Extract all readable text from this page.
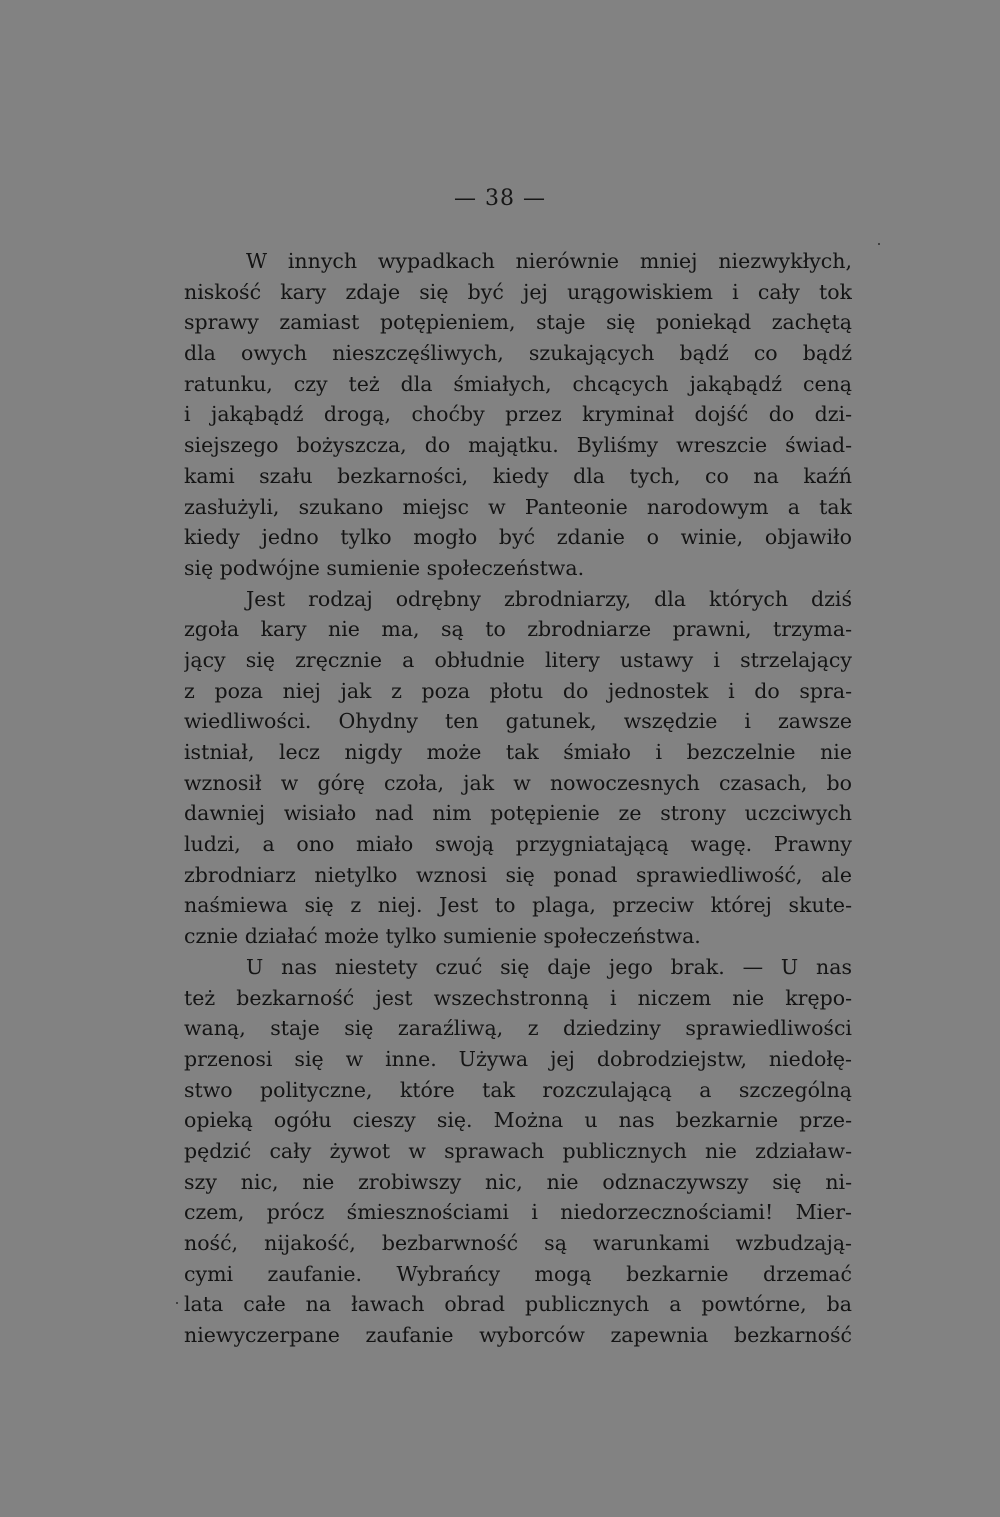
— 38 —
W innych wypadkach nierównie mniej niezwykłych,
niskość kary zdaje się być jej urągowiskiem i cały tok
sprawy zamiast potępieniem, staje się poniekąd zachętą
dla owych nieszczęśliwych, szukających bądź co bądź
ratunku, czy też dla śmiałych, chcących jakąbądź ceną
i jakąbądź drogą, choćby przez kryminał dojść do dzi-
siejszego bożyszcza, do majątku. Byliśmy wreszcie świad-
kami szału bezkarności, kiedy dla tych, co na kaźń
zasłużyli, szukano miejsc w Panteonie narodowym a tak
kiedy jedno tylko mogło być zdanie o winie, objawiło
się podwójne sumienie społeczeństwa.
Jest rodzaj odrębny zbrodniarzy, dla których dziś
zgoła kary nie ma, są to zbrodniarze prawni, trzyma-
jący się zręcznie a obłudnie litery ustawy i strzelający
z poza niej jak z poza płotu do jednostek i do spra-
wiedliwości. Ohydny ten gatunek, wszędzie i zawsze
istniał, lecz nigdy może tak śmiało i bezczelnie nie
wznosił w górę czoła, jak w nowoczesnych czasach, bo
dawniej wisiało nad nim potępienie ze strony uczciwych
ludzi, a ono miało swoją przygniatającą wagę. Prawny
zbrodniarz nietylko wznosi się ponad sprawiedliwość, ale
naśmiewa się z niej. Jest to plaga, przeciw której skute-
cznie działać może tylko sumienie społeczeństwa.
U nas niestety czuć się daje jego brak. — U nas
też bezkarność jest wszechstronną i niczem nie krępo-
waną, staje się zaraźliwą, z dziedziny sprawiedliwości
przenosi się w inne. Używa jej dobrodziejstw, niedołę-
stwo polityczne, które tak rozczulającą a szczególną
opieką ogółu cieszy się. Można u nas bezkarnie prze-
pędzić cały żywot w sprawach publicznych nie zdziaław-
szy nic, nie zrobiwszy nic, nie odznaczywszy się ni-
czem, prócz śmiesznościami i niedorzecznościami! Mier-
ność, nijakość, bezbarwność są warunkami wzbudzają-
cymi zaufanie. Wybrańcy mogą bezkarnie drzemać
lata całe na ławach obrad publicznych a powtórne, ba
niewyczerpane zaufanie wyborców zapewnia bezkarność
